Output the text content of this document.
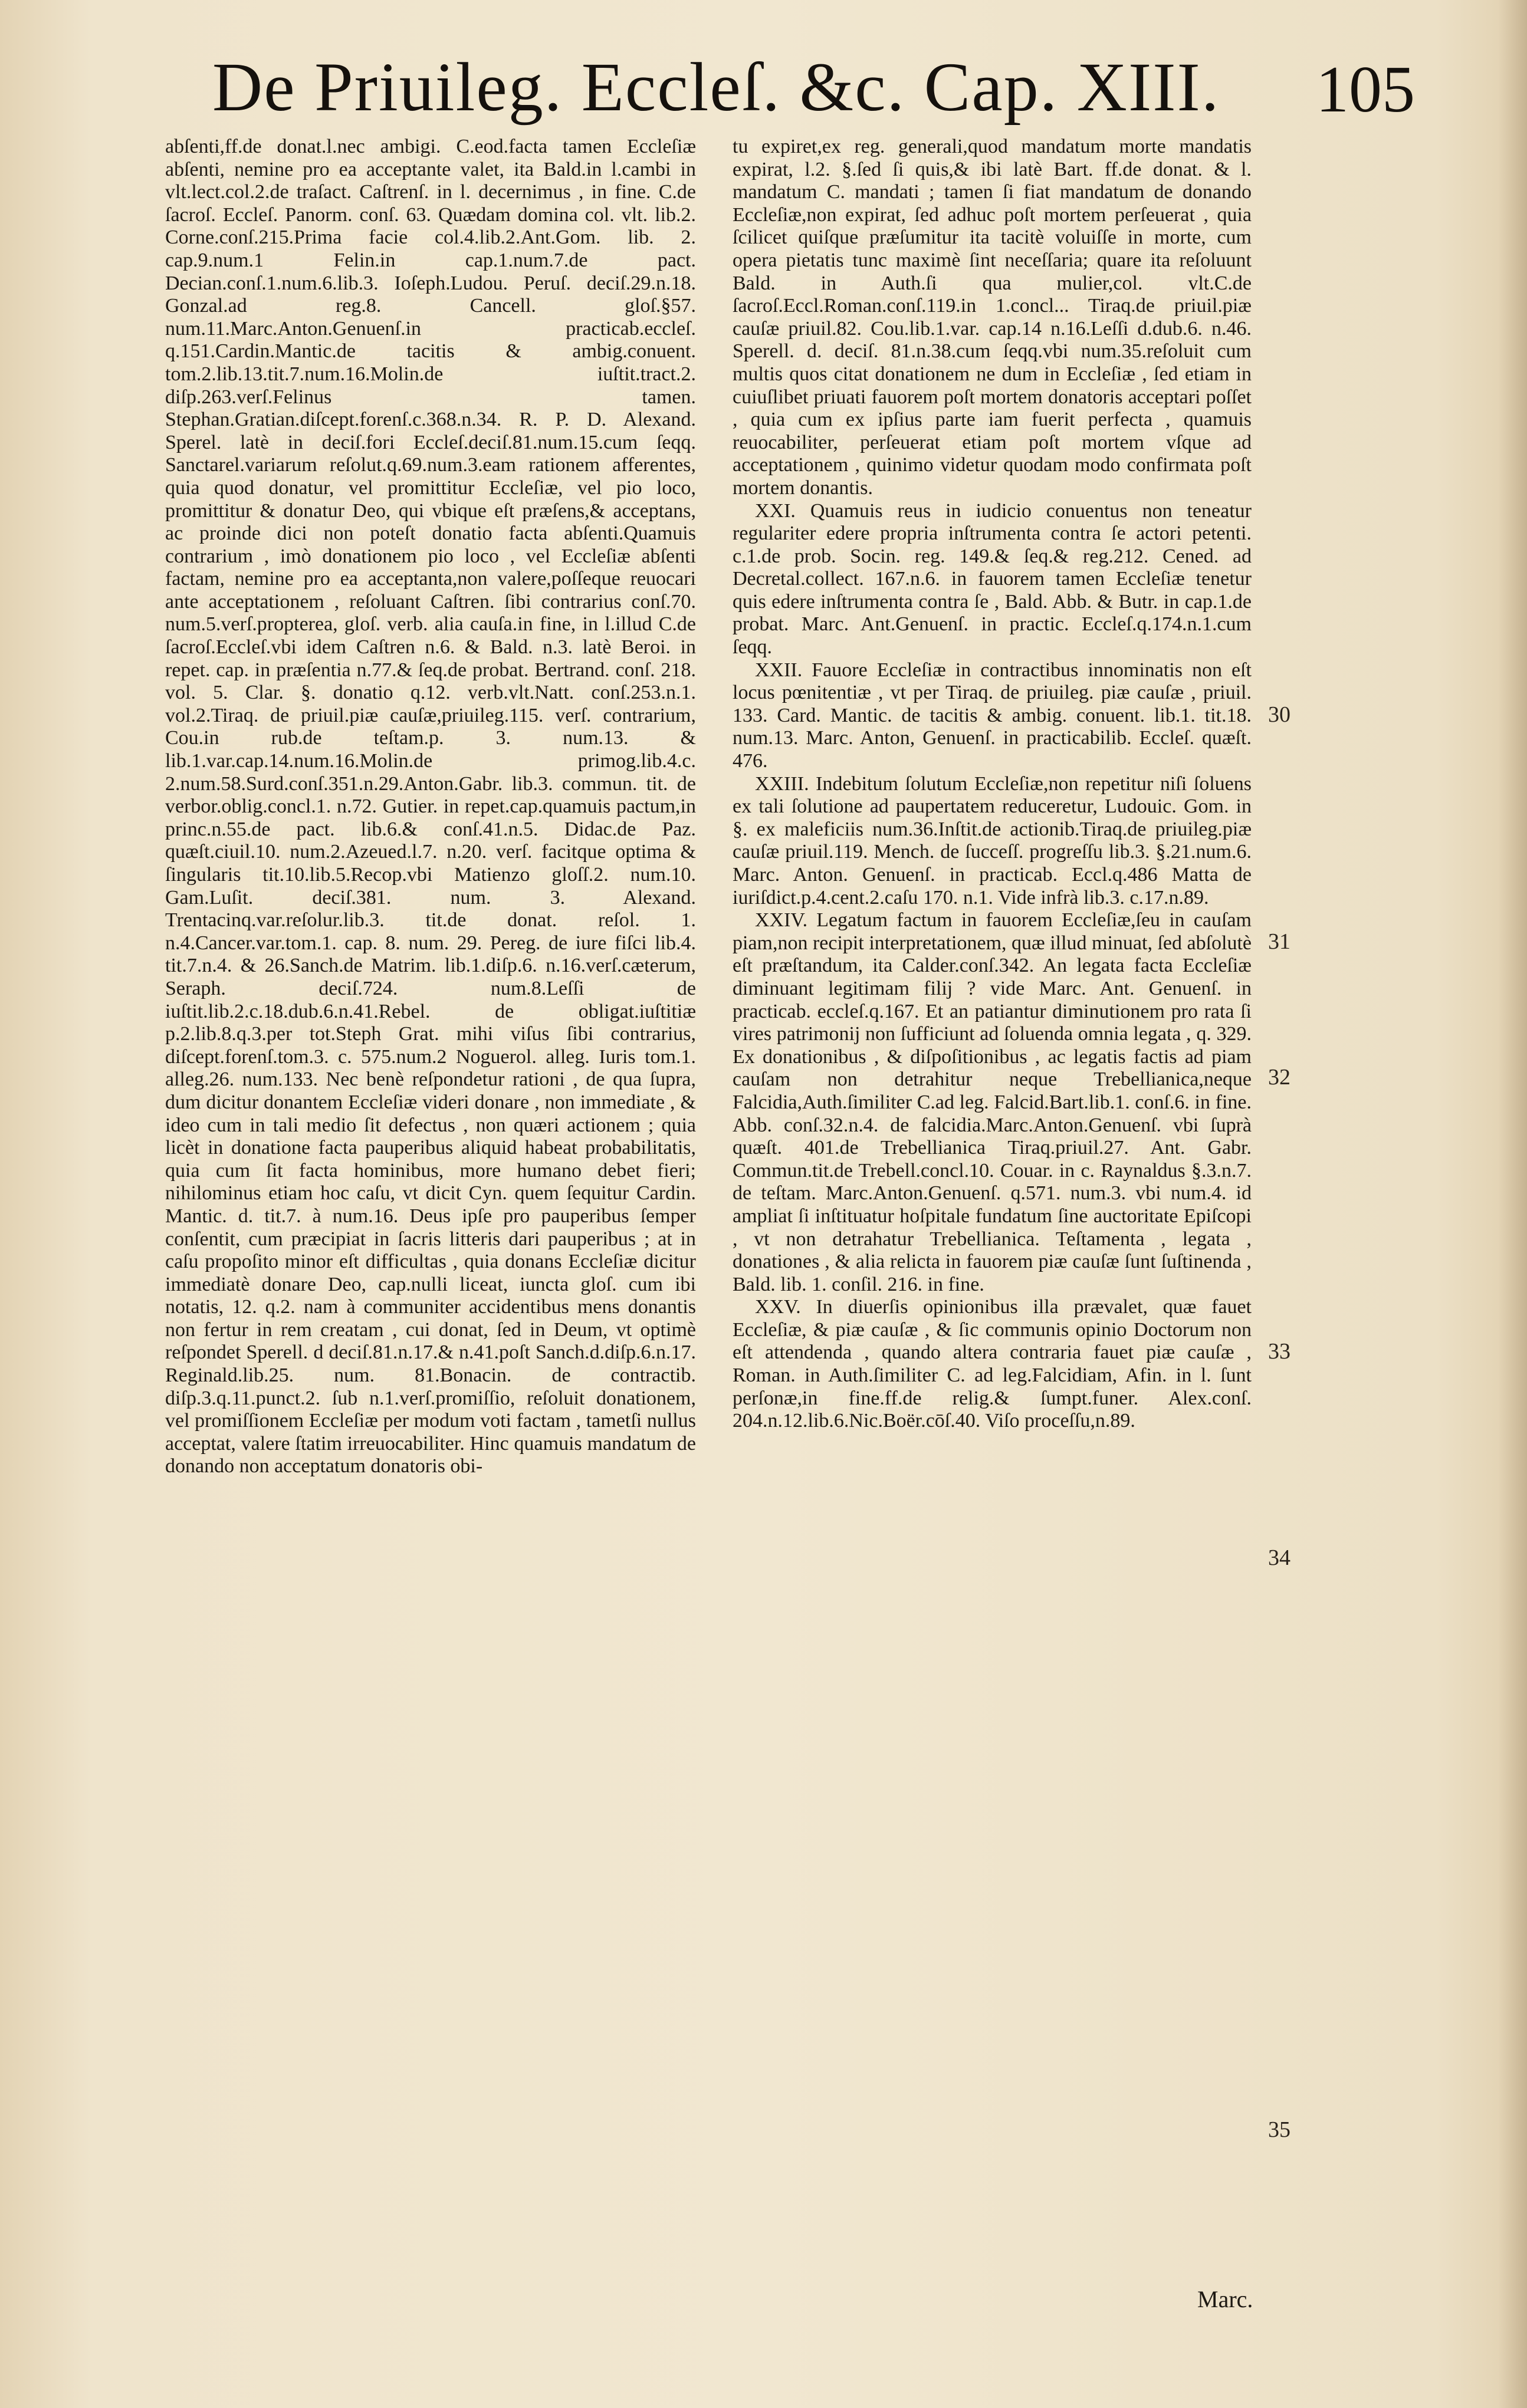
De Priuileg. Eccleſ. &c. Cap. XIII. 105

abſenti,ff.de donat.l.nec ambigi. C.eod.facta tamen Eccleſiæ abſenti, nemine pro ea acceptante valet, ita Bald.in l.cambi in vlt.lect.col.2.de traſact. Caſtrenſ. in l. decernimus , in fine. C.de ſacroſ. Eccleſ. Panorm. conſ. 63. Quædam domina col. vlt. lib.2. Corne.conſ.215.Prima facie col.4.lib.2.Ant.Gom. lib. 2. cap.9.num.1 Felin.in cap.1.num.7.de pact. Decian.conſ.1.num.6.lib.3. Ioſeph.Ludou. Peruſ. deciſ.29.n.18. Gonzal.ad reg.8. Cancell. gloſ.§57. num.11.Marc.Anton.Genuenſ.in practicab.eccleſ. q.151.Cardin.Mantic.de tacitis & ambig.conuent. tom.2.lib.13.tit.7.num.16.Molin.de iuſtit.tract.2. diſp.263.verſ.Felinus tamen. Stephan.Gratian.diſcept.forenſ.c.368.n.34. R. P. D. Alexand. Sperel. latè in deciſ.fori Eccleſ.deciſ.81.num.15.cum ſeqq. Sanctarel.variarum reſolut.q.69.num.3.eam rationem afferentes, quia quod donatur, vel promittitur Eccleſiæ, vel pio loco, promittitur & donatur Deo, qui vbique eſt præſens,& acceptans, ac proinde dici non poteſt donatio facta abſenti.Quamuis contrarium , imò donationem pio loco , vel Eccleſiæ abſenti factam, nemine pro ea acceptanta,non valere,poſſeque reuocari ante acceptationem , reſoluant Caſtren. ſibi contrarius conſ.70. num.5.verſ.propterea, gloſ. verb. alia cauſa.in fine, in l.illud C.de ſacroſ.Eccleſ.vbi idem Caſtren n.6. & Bald. n.3. latè Beroi. in repet. cap. in præſentia n.77.& ſeq.de probat. Bertrand. conſ. 218. vol. 5. Clar. §. donatio q.12. verb.vlt.Natt. conſ.253.n.1. vol.2.Tiraq. de priuil.piæ cauſæ,priuileg.115. verſ. contrarium, Cou.in rub.de teſtam.p. 3. num.13. & lib.1.var.cap.14.num.16.Molin.de primog.lib.4.c. 2.num.58.Surd.conſ.351.n.29.Anton.Gabr. lib.3. commun. tit. de verbor.oblig.concl.1. n.72. Gutier. in repet.cap.quamuis pactum,in princ.n.55.de pact. lib.6.& conſ.41.n.5. Didac.de Paz. quæſt.ciuil.10. num.2.Azeued.l.7. n.20. verſ. facitque optima & ſingularis tit.10.lib.5.Recop.vbi Matienzo gloſſ.2. num.10. Gam.Luſit. deciſ.381. num. 3. Alexand. Trentacinq.var.reſolur.lib.3. tit.de donat. reſol. 1. n.4.Cancer.var.tom.1. cap. 8. num. 29. Pereg. de iure fiſci lib.4. tit.7.n.4. & 26.Sanch.de Matrim. lib.1.diſp.6. n.16.verſ.cæterum, Seraph. deciſ.724. num.8.Leſſi de iuſtit.lib.2.c.18.dub.6.n.41.Rebel. de obligat.iuſtitiæ p.2.lib.8.q.3.per tot.Steph Grat. mihi viſus ſibi contrarius, diſcept.forenſ.tom.3. c. 575.num.2 Noguerol. alleg. Iuris tom.1. alleg.26. num.133. Nec benè reſpondetur rationi , de qua ſupra, dum dicitur donantem Eccleſiæ videri donare , non immediate , & ideo cum in tali medio ſit defectus , non quæri actionem ; quia licèt in donatione facta pauperibus aliquid habeat probabilitatis, quia cum ſit facta hominibus, more humano debet fieri; nihilominus etiam hoc caſu, vt dicit Cyn. quem ſequitur Cardin. Mantic. d. tit.7. à num.16. Deus ipſe pro pauperibus ſemper conſentit, cum præcipiat in ſacris litteris dari pauperibus ; at in caſu propoſito minor eſt difficultas , quia donans Eccleſiæ dicitur immediatè donare Deo, cap.nulli liceat, iuncta gloſ. cum ibi notatis, 12. q.2. nam à communiter accidentibus mens donantis non fertur in rem creatam , cui donat, ſed in Deum, vt optimè reſpondet Sperell. d deciſ.81.n.17.& n.41.poſt Sanch.d.diſp.6.n.17. Reginald.lib.25. num. 81.Bonacin. de contractib. diſp.3.q.11.punct.2. ſub n.1.verſ.promiſſio, reſoluit donationem, vel promiſſionem Eccleſiæ per modum voti factam , tametſi nullus acceptat, valere ſtatim irreuocabiliter. Hinc quamuis mandatum de donando non acceptatum donatoris obi-

tu expiret,ex reg. generali,quod mandatum morte mandatis expirat, l.2. §.ſed ſi quis,& ibi latè Bart. ff.de donat. & l. mandatum C. mandati ; tamen ſi fiat mandatum de donando Eccleſiæ,non expirat, ſed adhuc poſt mortem perſeuerat , quia ſcilicet quiſque præſumitur ita tacitè voluiſſe in morte, cum opera pietatis tunc maximè ſint neceſſaria; quare ita reſoluunt Bald. in Auth.ſi qua mulier,col. vlt.C.de ſacroſ.Eccl.Roman.conſ.119.in 1.concl... Tiraq.de priuil.piæ cauſæ priuil.82. Cou.lib.1.var. cap.14 n.16.Leſſi d.dub.6. n.46. Sperell. d. deciſ. 81.n.38.cum ſeqq.vbi num.35.reſoluit cum multis quos citat donationem ne dum in Eccleſiæ , ſed etiam in cuiuſlibet priuati fauorem poſt mortem donatoris acceptari poſſet , quia cum ex ipſius parte iam fuerit perfecta , quamuis reuocabiliter, perſeuerat etiam poſt mortem vſque ad acceptationem , quinimo videtur quodam modo confirmata poſt mortem donantis.

XXI. Quamuis reus in iudicio conuentus non teneatur regulariter edere propria inſtrumenta contra ſe actori petenti. c.1.de prob. Socin. reg. 149.& ſeq.& reg.212. Cened. ad Decretal.collect. 167.n.6. in fauorem tamen Eccleſiæ tenetur quis edere inſtrumenta contra ſe , Bald. Abb. & Butr. in cap.1.de probat. Marc. Ant.Genuenſ. in practic. Eccleſ.q.174.n.1.cum ſeqq.

XXII. Fauore Eccleſiæ in contractibus innominatis non eſt locus pœnitentiæ , vt per Tiraq. de priuileg. piæ cauſæ , priuil. 133. Card. Mantic. de tacitis & ambig. conuent. lib.1. tit.18. num.13. Marc. Anton, Genuenſ. in practicabilib. Eccleſ. quæſt. 476.

XXIII. Indebitum ſolutum Eccleſiæ,non repetitur niſi ſoluens ex tali ſolutione ad paupertatem reduceretur, Ludouic. Gom. in §. ex maleficiis num.36.Inſtit.de actionib.Tiraq.de priuileg.piæ cauſæ priuil.119. Mench. de ſucceſſ. progreſſu lib.3. §.21.num.6. Marc. Anton. Genuenſ. in practicab. Eccl.q.486 Matta de iuriſdict.p.4.cent.2.caſu 170. n.1. Vide infrà lib.3. c.17.n.89.

XXIV. Legatum factum in fauorem Eccleſiæ,ſeu in cauſam piam,non recipit interpretationem, quæ illud minuat, ſed abſolutè eſt præſtandum, ita Calder.conſ.342. An legata facta Eccleſiæ diminuant legitimam filij ? vide Marc. Ant. Genuenſ. in practicab. eccleſ.q.167. Et an patiantur diminutionem pro rata ſi vires patrimonij non ſufficiunt ad ſoluenda omnia legata , q. 329. Ex donationibus , & diſpoſitionibus , ac legatis factis ad piam cauſam non detrahitur neque Trebellianica,neque Falcidia,Auth.ſimiliter C.ad leg. Falcid.Bart.lib.1. conſ.6. in fine. Abb. conſ.32.n.4. de falcidia.Marc.Anton.Genuenſ. vbi ſuprà quæſt. 401.de Trebellianica Tiraq.priuil.27. Ant. Gabr. Commun.tit.de Trebell.concl.10. Couar. in c. Raynaldus §.3.n.7. de teſtam. Marc.Anton.Genuenſ. q.571. num.3. vbi num.4. id ampliat ſi inſtituatur hoſpitale fundatum ſine auctoritate Epiſcopi , vt non detrahatur Trebellianica. Teſtamenta , legata , donationes , & alia relicta in fauorem piæ cauſæ ſunt ſuſtinenda , Bald. lib. 1. conſil. 216. in fine.

XXV. In diuerſis opinionibus illa prævalet, quæ fauet Eccleſiæ, & piæ cauſæ , & ſic communis opinio Doctorum non eſt attendenda , quando altera contraria fauet piæ cauſæ , Roman. in Auth.ſimiliter C. ad leg.Falcidiam, Afin. in l. ſunt perſonæ,in fine.ff.de relig.& ſumpt.funer. Alex.conſ. 204.n.12.lib.6.Nic.Boër.cōſ.40. Viſo proceſſu,n.89.

30
31
32
33
34
35
Marc.
